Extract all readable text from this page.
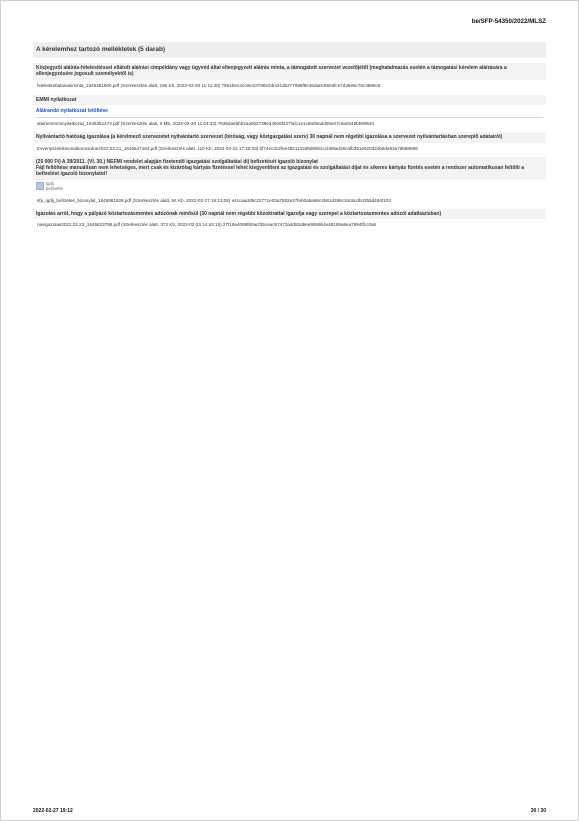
be/SFP-54350/2022/MLSZ
A kérelemhez tartozó mellékletek (5 darab)
Közjegyzői aláírás-hitelesítéssel ellátott aláírási címpéldány vagy ügyvéd által ellenjegyzett aláírás minta, a támogatott szervezet vezetőjétől (meghatalmazás esetén a támogatási kérelem aláírására a ellenjegyzésére jogosult személyektől is)
hitelesitettalairasiminta_1645351900.pdf (Szerkesztés alatt, 196 Kb, 2022-02-20 11:11:40) 7851b613cc6e10706bcbb431d6277088f9e36da0c8503fce7d35e8c76c3865c6
EMMI nyilatkozat
Aláírandó nyilatkozat letöltése
alairtemmminyilatkozat_1645351473.pdf (Szerkesztés alatt, 6 Mb, 2022-02-20 11:04:33) 7535daebbb2aa002739e340e9f237fafc1e1c8a08add06e37c9a0248bb90534
Nyilvántartó hatóság igazolása (a kérelmező szervezetet nyilvántartó szervezet (bíróság, vagy közigazgatási szerv) 30 napnál nem régebbi igazolása a szervezet nyilvántartásban szereplő adatairól)
torvenyszekikivonatkocsordoe2022.02.21_1645547163.pdf (Szerkesztés alatt, 110 Kb, 2022-02-22 17:26:03) bf74ec3c2fee4821133d9d85b2ccb58ad26cafb391e920324b8de93a76b68598
(25 000 Ft) A 39/2011. (VI. 30.) NEFMI rendelet alapján fizetendő igazgatási szolgáltatási díj befizetését igazoló bizonylat
Fájl feltöltése manuálisan nem lehetséges, mert csak és kizárólag kártyás fizetéssel lehet kiegyenlíteni az igazgatási és szolgáltatási díjat és sikeres kártyás fizetés esetén a rendszer automatikusan feltölti a befizetést igazoló bizonylatot!
Igdij befizetés
sfp_igdij_befizetes_bizonylat_1645981928.pdf (Szerkesztés alatt, 64 Kb, 2022-02-27 18:12:08) e4ccaadd9c22771e03a7582e37feb0a5a86c4b61d286c34c8cdb4355d484f103
Igazolás arról, hogy a pályázó köztartozásmentes adózónak minősül (30 napnál nem régebbi közokirattal igazolja vagy szerepel a köztartozásmentes adózói adatbázisban)
navigazolas2022.02.23_1645623795.pdf (Szerkesztés alatt, 372 Kb, 2022-02-23 14:43:15) 27f19a4088f60acf35ceac57472a4d82d6ee9b59b4e48189a5ea7694ffcc0a6
2022-02-27 19:12	30 / 30
